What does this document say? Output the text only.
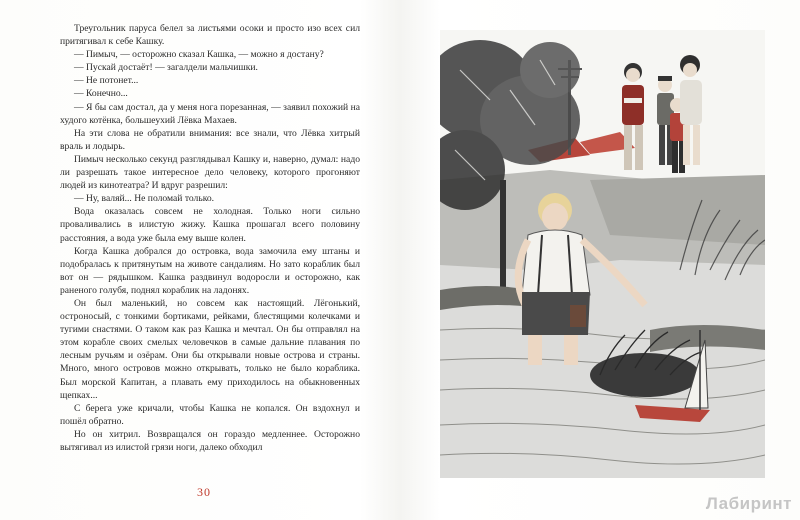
Треугольник паруса белел за листьями осоки и просто изо всех сил притягивал к себе Кашку.

— Пимыч, — осторожно сказал Кашка, — можно я достану?

— Пускай достаёт! — загалдели мальчишки.

— Не потонет...

— Конечно...

— Я бы сам достал, да у меня нога порезанная, — заявил похожий на худого котёнка, большеухий Лёвка Махаев.

На эти слова не обратили внимания: все знали, что Лёвка хитрый враль и лодырь.

Пимыч несколько секунд разглядывал Кашку и, наверно, думал: надо ли разрешать такое интересное дело человеку, которого прогоняют людей из кинотеатра? И вдруг разрешил:

— Ну, валяй... Не поломай только.

Вода оказалась совсем не холодная. Только ноги сильно проваливались в илистую жижу. Кашка прошагал всего половину расстояния, а вода уже была ему выше колен.

Когда Кашка добрался до островка, вода замочила ему штаны и подобралась к притянутым на животе сандалиям. Но зато кораблик был вот он — рядышком. Кашка раздвинул водоросли и осторожно, как раненого голубя, поднял кораблик на ладонях.

Он был маленький, но совсем как настоящий. Лёгонький, остроносый, с тонкими бортиками, рейками, блестящими колечками и тугими снастями. О таком как раз Кашка и мечтал. Он бы отправлял на этом корабле своих смелых человечков в самые дальние плавания по лесным ручьям и озёрам. Они бы открывали новые острова и страны. Много, много островов можно открывать, только не было кораблика. Был морской Капитан, а плавать ему приходилось на обыкновенных щепках...

С берега уже кричали, чтобы Кашка не копался. Он вздохнул и пошёл обратно.

Но он хитрил. Возвращался он гораздо медленнее. Осторожно вытягивал из илистой грязи ноги, далеко обходил

30
Лабиринт
